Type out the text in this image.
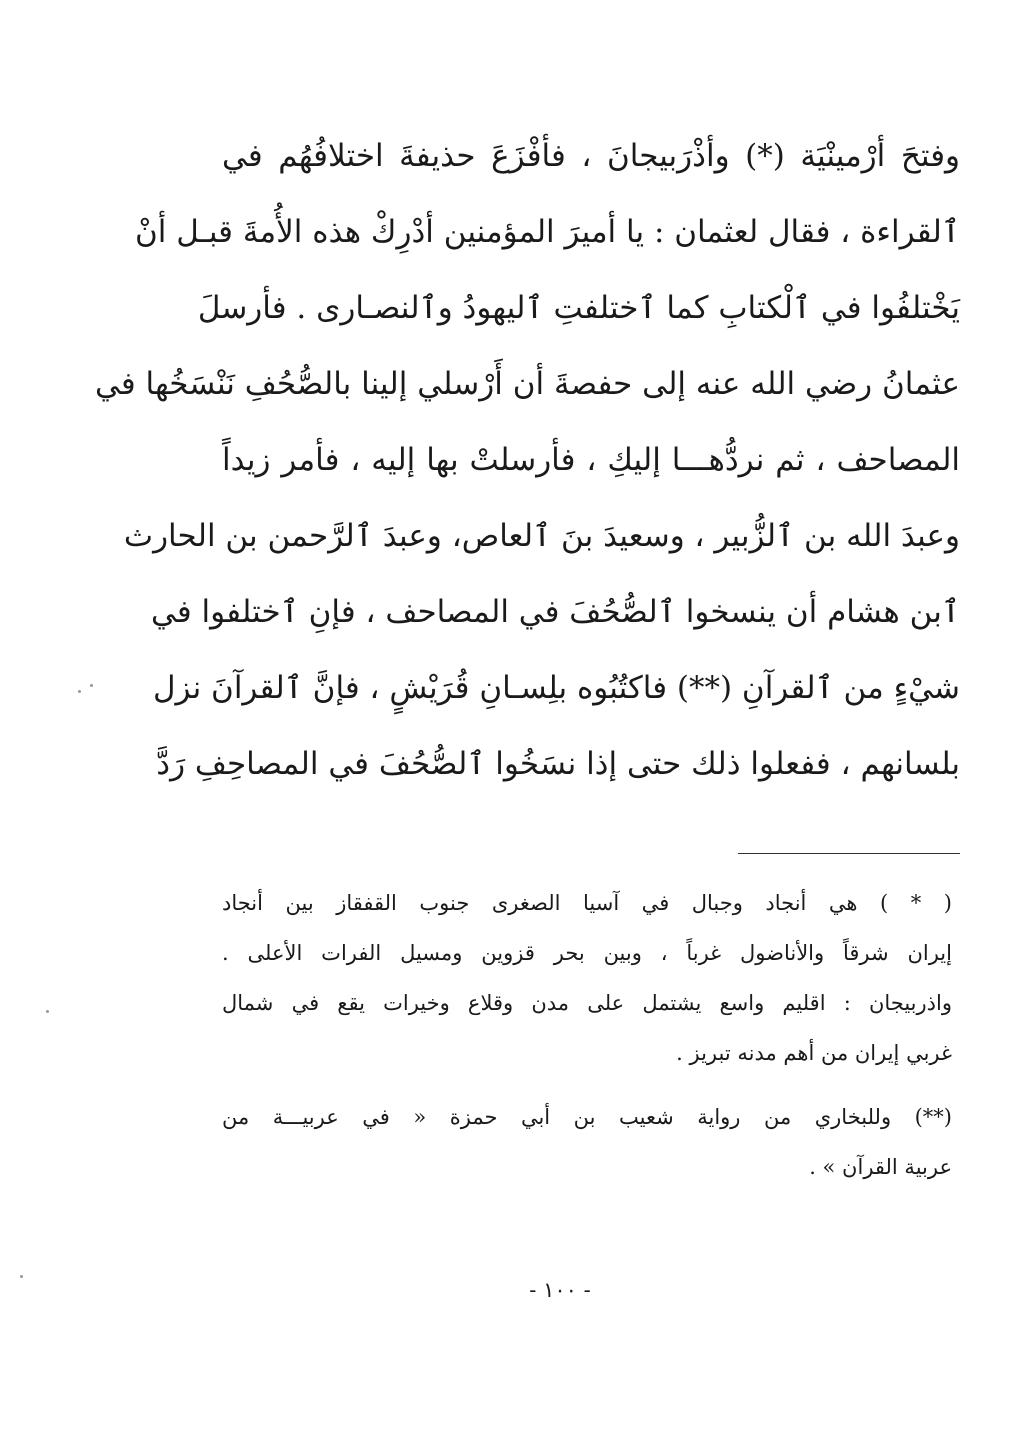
وفتحَ أرْمينْيَة (*) وأذْرَبيجانَ ، فأفْزَعَ حذيفةَ اختلافُهُم في
ٱلقراءة ، فقال لعثمان : يا أميرَ المؤمنين أدْرِكْ هذه الأُمةَ قبـل أنْ
يَخْتلفُوا في ٱلْكتابِ كما ٱختلفتِ ٱليهودُ وٱلنصـارى . فأرسلَ
عثمانُ رضي الله عنه إلى حفصةَ أن أَرْسلي إلينا بالصُّحُفِ نَنْسَخُها في
المصاحف ، ثم نردُّهـــا إليكِ ، فأرسلتْ بها إليه ، فأمر زيداً
وعبدَ الله بن ٱلزُّبير ، وسعيدَ بنَ ٱلعاص، وعبدَ ٱلرَّحمن بن الحارث
ٱبن هشام أن ينسخوا ٱلصُّحُفَ في المصاحف ، فإنِ ٱختلفوا في
شيْءٍ من ٱلقرآنِ (**) فاكتُبُوه بلِسـانِ قُرَيْشٍ ، فإنَّ ٱلقرآنَ نزل
بلسانهم ، ففعلوا ذلك حتى إذا نسَخُوا ٱلصُّحُفَ في المصاحِفِ رَدَّ
( * ) هي أنجاد وجبال في آسيا الصغرى جنوب القفقاز بين أنجاد
إيران شرقاً والأناضول غرباً ، وبين بحر قزوين ومسيل الفرات الأعلى .
واذربيجان : اقليم واسع يشتمل على مدن وقلاع وخيرات يقع في شمال
غربي إيران من أهم مدنه تبريز .
(**) وللبخاري من رواية شعيب بن أبي حمزة « في عربيـــة من
عربية القرآن » .
- ١٠٠ -
